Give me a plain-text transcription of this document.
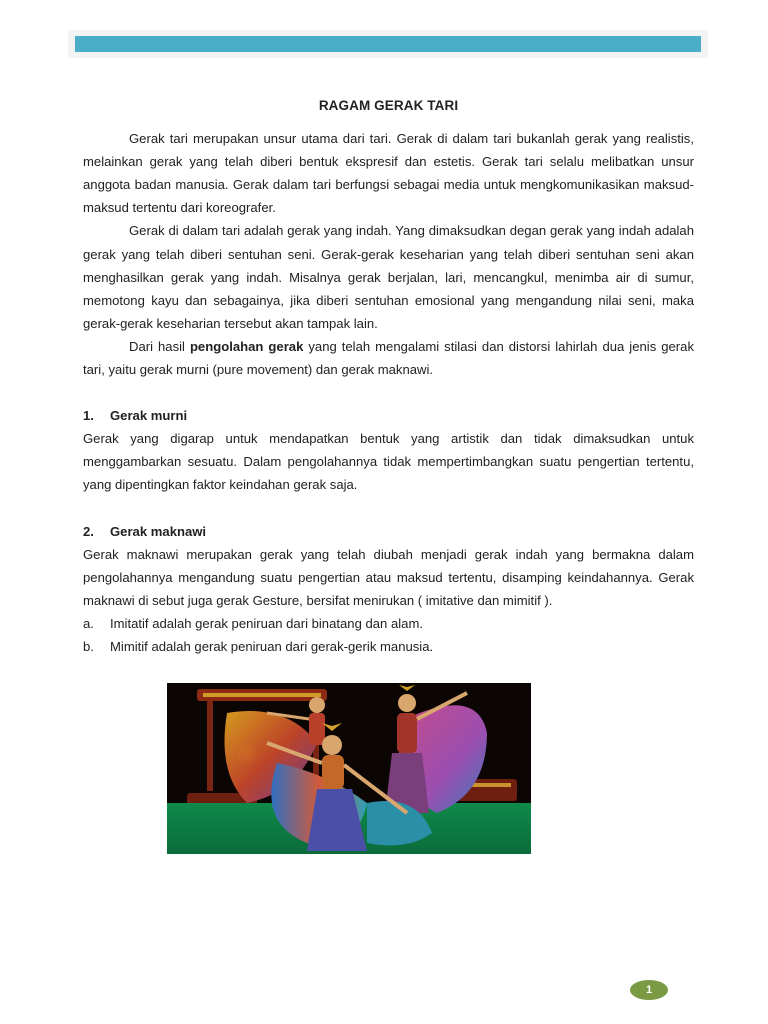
RAGAM GERAK TARI

Gerak tari merupakan unsur utama dari tari. Gerak di dalam tari bukanlah gerak yang realistis, melainkan gerak yang telah diberi bentuk ekspresif dan estetis. Gerak tari selalu melibatkan unsur anggota badan manusia. Gerak dalam tari berfungsi sebagai media untuk mengkomunikasikan maksud-maksud tertentu dari koreografer.

Gerak di dalam tari adalah gerak yang indah. Yang dimaksudkan degan gerak yang indah adalah gerak yang telah diberi sentuhan seni. Gerak-gerak keseharian yang telah diberi sentuhan seni akan menghasilkan gerak yang indah. Misalnya gerak berjalan, lari, mencangkul, menimba air di sumur, memotong kayu dan sebagainya, jika diberi sentuhan emosional yang mengandung nilai seni, maka gerak-gerak keseharian tersebut akan tampak lain.

Dari hasil pengolahan gerak yang telah mengalami stilasi dan distorsi lahirlah dua jenis gerak tari, yaitu gerak murni (pure movement) dan gerak maknawi.

1. Gerak murni

Gerak yang digarap untuk mendapatkan bentuk yang artistik dan tidak dimaksudkan untuk menggambarkan sesuatu. Dalam pengolahannya tidak mempertimbangkan suatu pengertian tertentu, yang dipentingkan faktor keindahan gerak saja.

2. Gerak maknawi

Gerak maknawi merupakan gerak yang telah diubah menjadi gerak indah yang bermakna dalam pengolahannya mengandung suatu pengertian atau maksud tertentu, disamping keindahannya. Gerak maknawi di sebut juga gerak Gesture, bersifat menirukan ( imitative dan mimitif ).

a. Imitatif adalah gerak peniruan dari binatang dan alam.
b. Mimitif adalah gerak peniruan dari gerak-gerik manusia.
1
